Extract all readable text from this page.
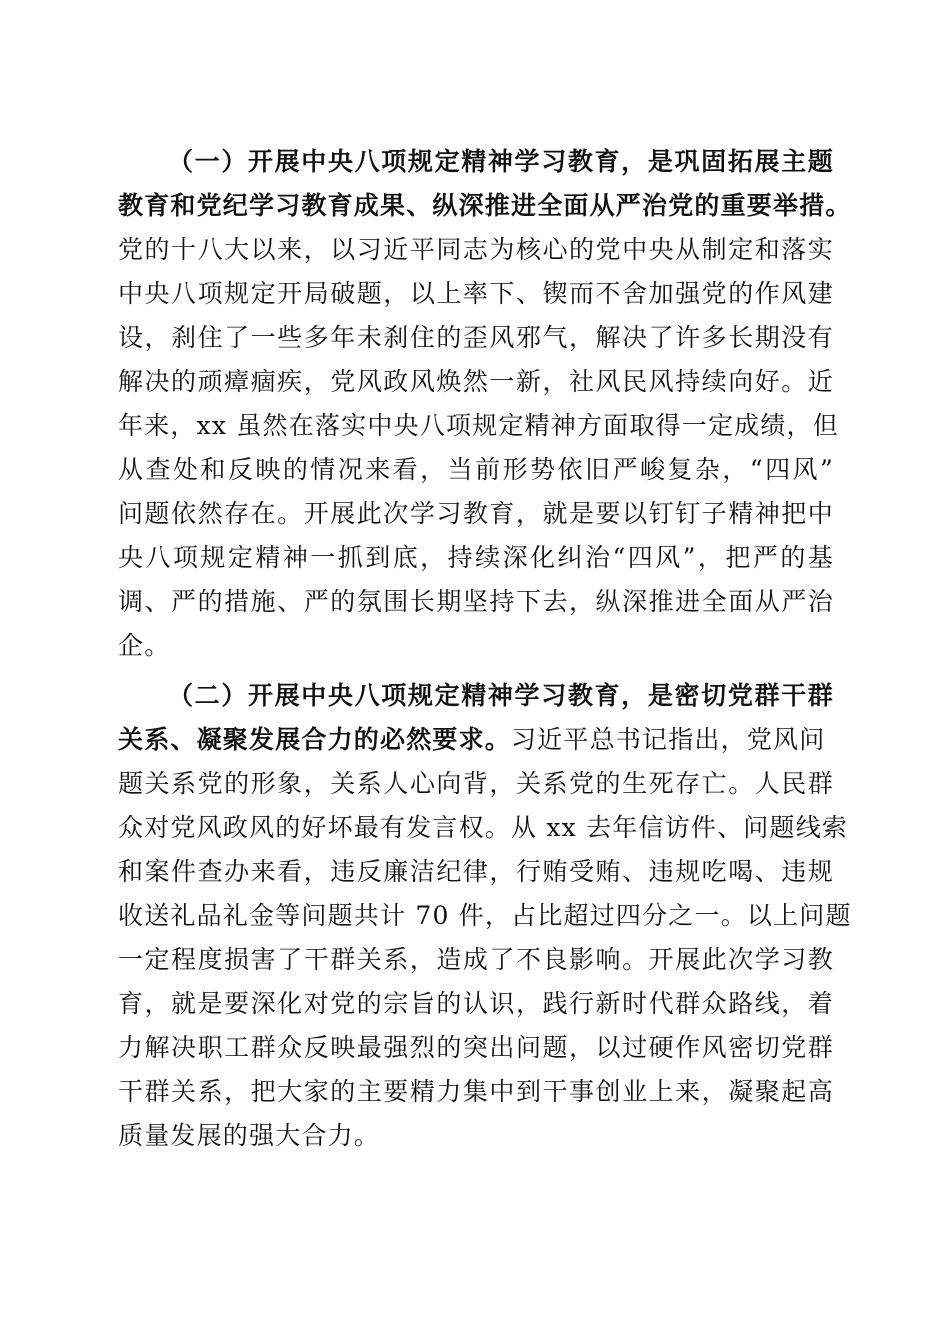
（一）开展中央八项规定精神学习教育，是巩固拓展主题
教育和党纪学习教育成果、纵深推进全面从严治党的重要举措。
党的十八大以来，以习近平同志为核心的党中央从制定和落实
中央八项规定开局破题，以上率下、锲而不舍加强党的作风建
设，刹住了一些多年未刹住的歪风邪气，解决了许多长期没有
解决的顽瘴痼疾，党风政风焕然一新，社风民风持续向好。近
年来，xx 虽然在落实中央八项规定精神方面取得一定成绩，但
从查处和反映的情况来看，当前形势依旧严峻复杂，“四风”
问题依然存在。开展此次学习教育，就是要以钉钉子精神把中
央八项规定精神一抓到底，持续深化纠治“四风”，把严的基
调、严的措施、严的氛围长期坚持下去，纵深推进全面从严治
企。
（二）开展中央八项规定精神学习教育，是密切党群干群
关系、凝聚发展合力的必然要求。习近平总书记指出，党风问
题关系党的形象，关系人心向背，关系党的生死存亡。人民群
众对党风政风的好坏最有发言权。从 xx 去年信访件、问题线索
和案件查办来看，违反廉洁纪律，行贿受贿、违规吃喝、违规
收送礼品礼金等问题共计 70 件，占比超过四分之一。以上问题
一定程度损害了干群关系，造成了不良影响。开展此次学习教
育，就是要深化对党的宗旨的认识，践行新时代群众路线，着
力解决职工群众反映最强烈的突出问题，以过硬作风密切党群
干群关系，把大家的主要精力集中到干事创业上来，凝聚起高
质量发展的强大合力。
